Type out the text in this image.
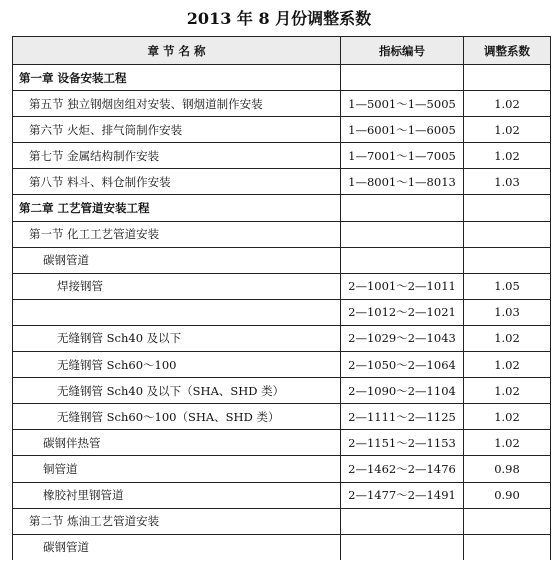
2013 年 8 月份调整系数
章 节 名 称	指标编号	调整系数
第一章 设备安装工程		
第五节 独立钢烟囱组对安装、钢烟道制作安装	1—5001～1—5005	1.02
第六节 火炬、排气筒制作安装	1—6001～1—6005	1.02
第七节 金属结构制作安装	1—7001～1—7005	1.02
第八节 料斗、料仓制作安装	1—8001～1—8013	1.03
第二章 工艺管道安装工程		
第一节 化工工艺管道安装		
碳钢管道		
焊接钢管	2—1001～2—1011	1.05
	2—1012～2—1021	1.03
无缝钢管 Sch40 及以下	2—1029～2—1043	1.02
无缝钢管 Sch60～100	2—1050～2—1064	1.02
无缝钢管 Sch40 及以下（SHA、SHD 类）	2—1090～2—1104	1.02
无缝钢管 Sch60～100（SHA、SHD 类）	2—1111～2—1125	1.02
碳钢伴热管	2—1151～2—1153	1.02
铜管道	2—1462～2—1476	0.98
橡胶衬里钢管道	2—1477～2—1491	0.90
第二节 炼油工艺管道安装		
碳钢管道		
